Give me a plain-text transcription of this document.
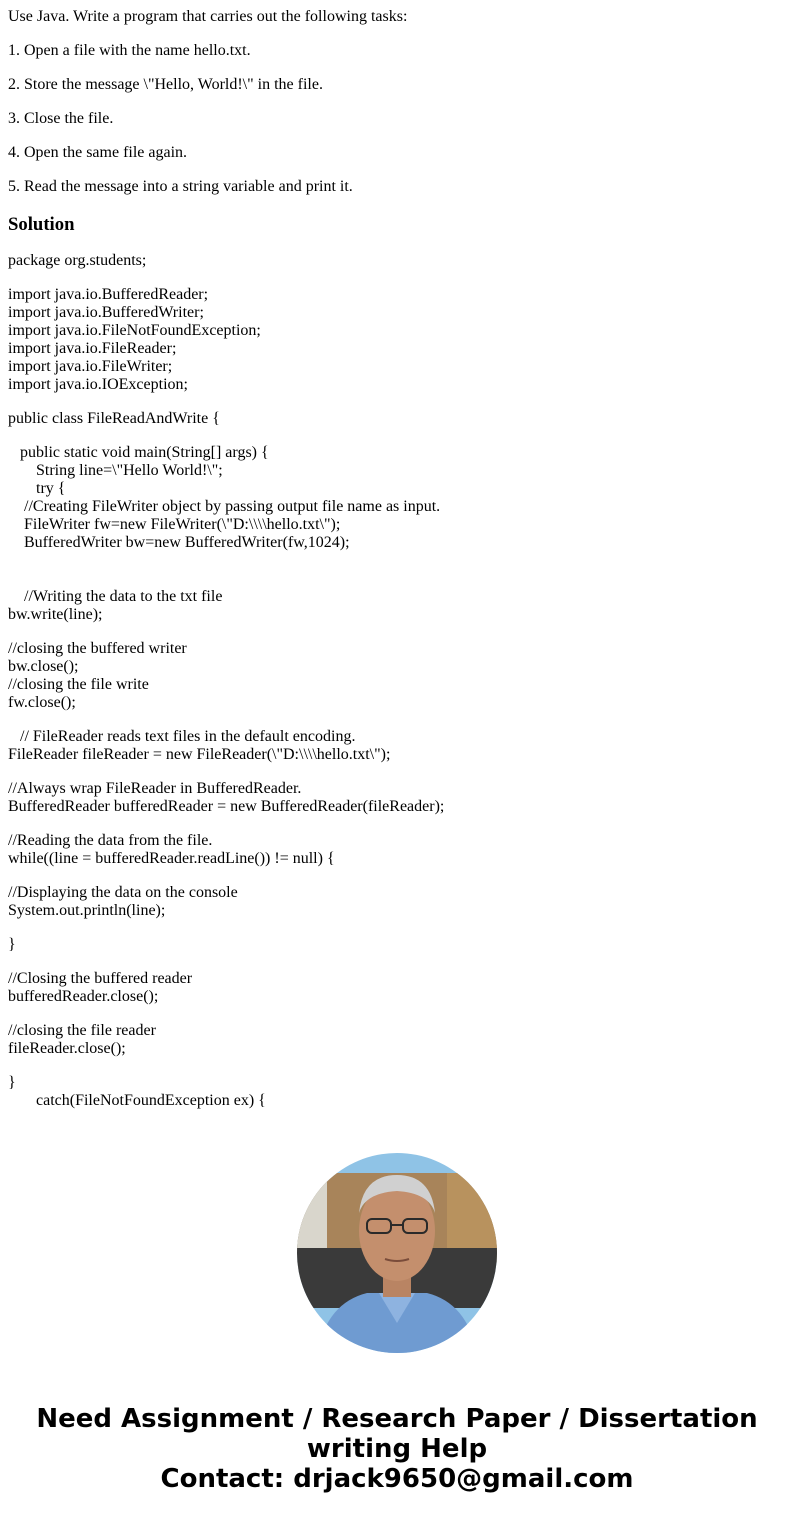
Use Java. Write a program that carries out the following tasks:

1. Open a file with the name hello.txt.

2. Store the message \"Hello, World!\" in the file.

3. Close the file.

4. Open the same file again.

5. Read the message into a string variable and print it.

Solution
package org.students;
import java.io.BufferedReader;
import java.io.BufferedWriter;
import java.io.FileNotFoundException;
import java.io.FileReader;
import java.io.FileWriter;
import java.io.IOException;
public class FileReadAndWrite {
public static void main(String[] args) {
String line=\"Hello World!\";
try {
//Creating FileWriter object by passing output file name as input.
FileWriter fw=new FileWriter(\"D:\\\\hello.txt\");
BufferedWriter bw=new BufferedWriter(fw,1024);

//Writing the data to the txt file
bw.write(line);
//closing the buffered writer
bw.close();
//closing the file write
fw.close();
// FileReader reads text files in the default encoding.
FileReader fileReader = new FileReader(\"D:\\\\hello.txt\");
//Always wrap FileReader in BufferedReader.
BufferedReader bufferedReader = new BufferedReader(fileReader);
//Reading the data from the file.
while((line = bufferedReader.readLine()) != null) {
//Displaying the data on the console
System.out.println(line);
}
//Closing the buffered reader
bufferedReader.close();
//closing the file reader
fileReader.close();
}
catch(FileNotFoundException ex) {
Need Assignment / Research Paper / Dissertation
writing Help
Contact: drjack9650@gmail.com
